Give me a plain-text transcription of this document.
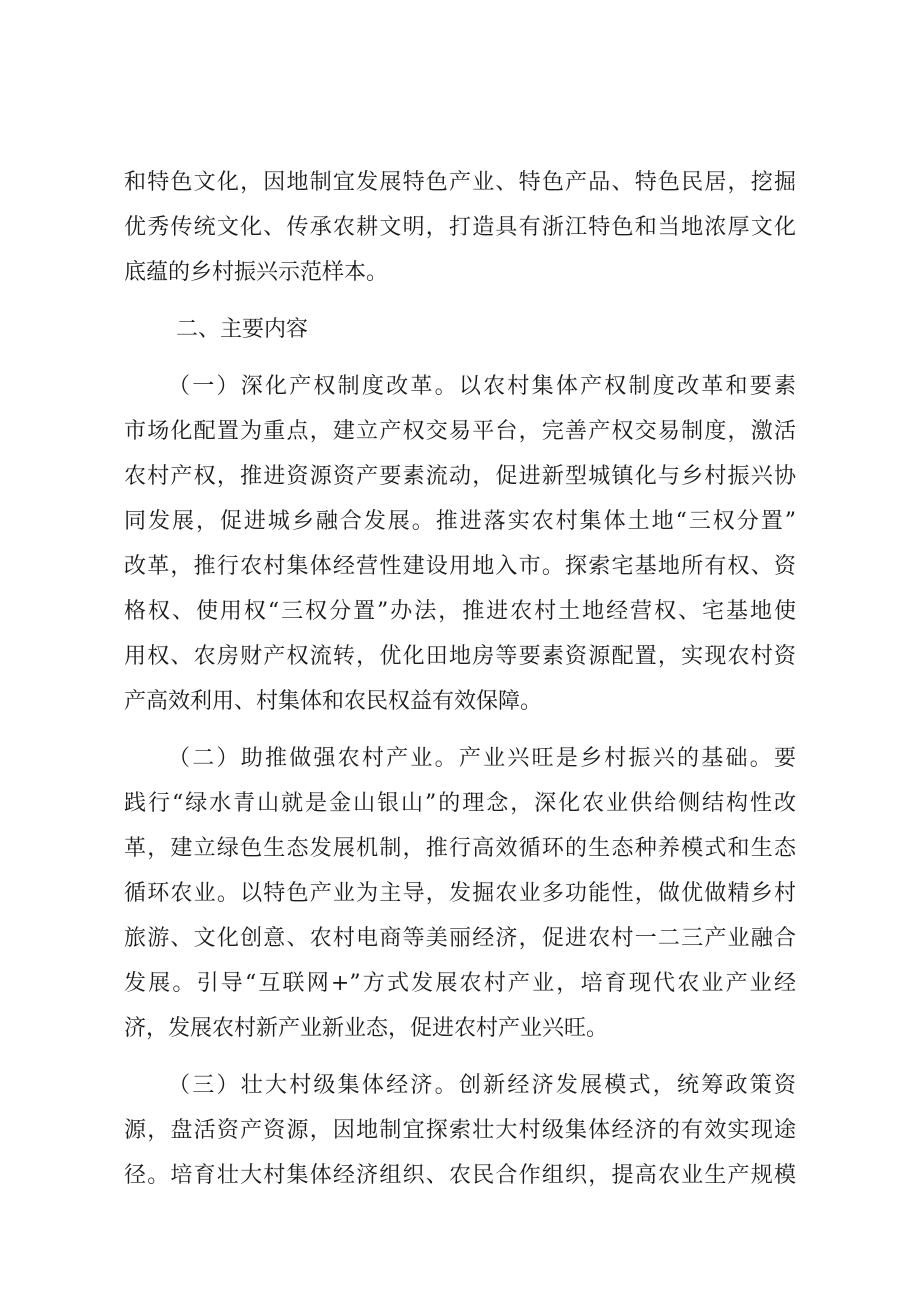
和特色文化，因地制宜发展特色产业、特色产品、特色民居，挖掘
优秀传统文化、传承农耕文明，打造具有浙江特色和当地浓厚文化
底蕴的乡村振兴示范样本。
二、主要内容
（一）深化产权制度改革。以农村集体产权制度改革和要素
市场化配置为重点，建立产权交易平台，完善产权交易制度，激活
农村产权，推进资源资产要素流动，促进新型城镇化与乡村振兴协
同发展，促进城乡融合发展。推进落实农村集体土地“三权分置”
改革，推行农村集体经营性建设用地入市。探索宅基地所有权、资
格权、使用权“三权分置”办法，推进农村土地经营权、宅基地使
用权、农房财产权流转，优化田地房等要素资源配置，实现农村资
产高效利用、村集体和农民权益有效保障。
（二）助推做强农村产业。产业兴旺是乡村振兴的基础。要
践行“绿水青山就是金山银山”的理念，深化农业供给侧结构性改
革，建立绿色生态发展机制，推行高效循环的生态种养模式和生态
循环农业。以特色产业为主导，发掘农业多功能性，做优做精乡村
旅游、文化创意、农村电商等美丽经济，促进农村一二三产业融合
发展。引导“互联网+”方式发展农村产业，培育现代农业产业经
济，发展农村新产业新业态，促进农村产业兴旺。
（三）壮大村级集体经济。创新经济发展模式，统筹政策资
源，盘活资产资源，因地制宜探索壮大村级集体经济的有效实现途
径。培育壮大村集体经济组织、农民合作组织，提高农业生产规模
